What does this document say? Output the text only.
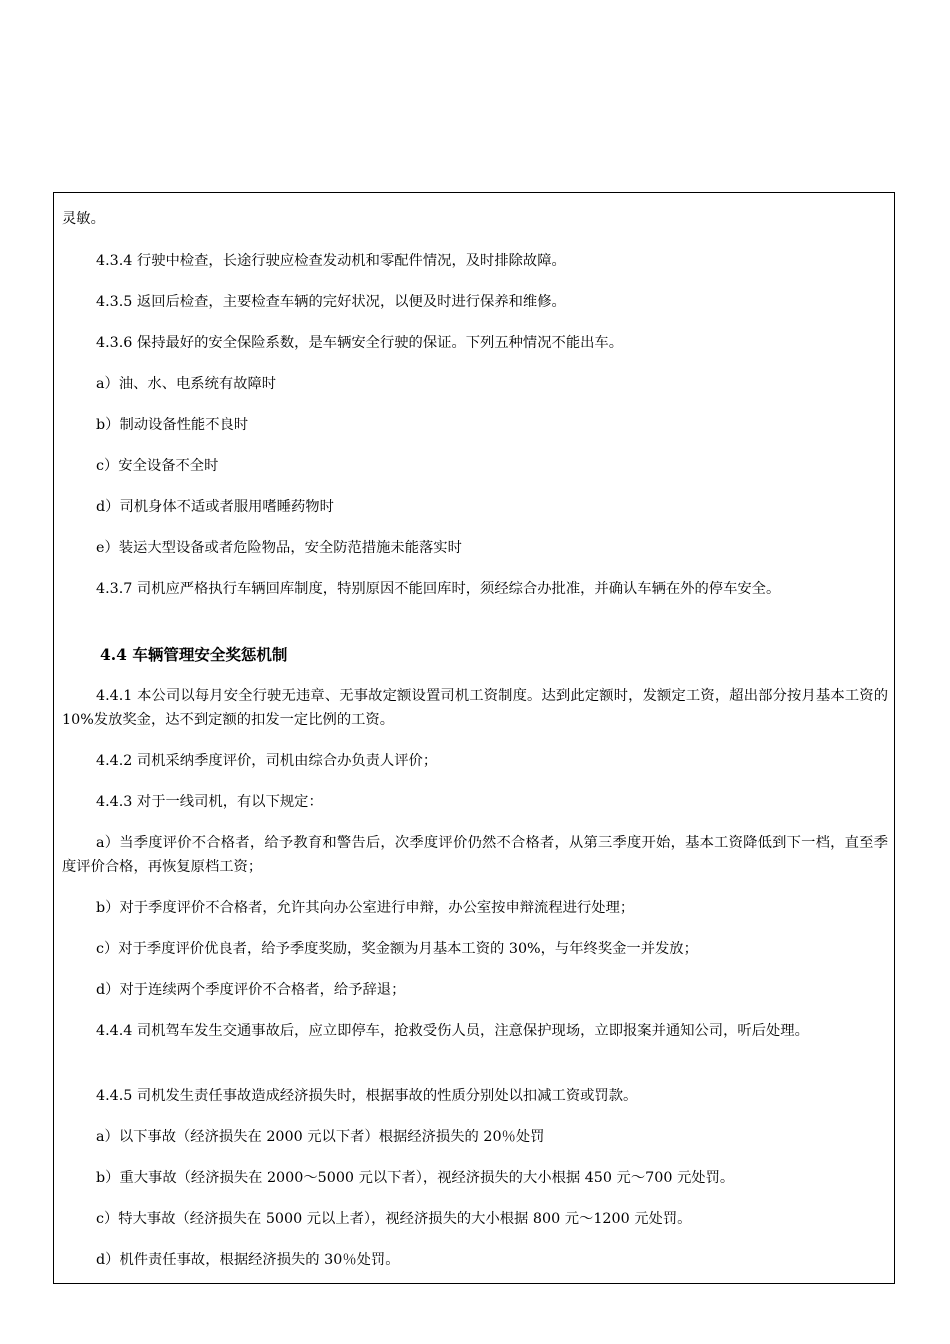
灵敏。
4.3.4 行驶中检查，长途行驶应检查发动机和零配件情况，及时排除故障。
4.3.5 返回后检查，主要检查车辆的完好状况，以便及时进行保养和维修。
4.3.6 保持最好的安全保险系数，是车辆安全行驶的保证。下列五种情况不能出车。
a）油、水、电系统有故障时
b）制动设备性能不良时
c）安全设备不全时
d）司机身体不适或者服用嗜睡药物时
e）装运大型设备或者危险物品，安全防范措施未能落实时
4.3.7 司机应严格执行车辆回库制度，特别原因不能回库时，须经综合办批准，并确认车辆在外的停车安全。
4.4 车辆管理安全奖惩机制
4.4.1 本公司以每月安全行驶无违章、无事故定额设置司机工资制度。达到此定额时，发额定工资，超出部分按月基本工资的 10%发放奖金，达不到定额的扣发一定比例的工资。
4.4.2 司机采纳季度评价，司机由综合办负责人评价；
4.4.3 对于一线司机，有以下规定：
a）当季度评价不合格者，给予教育和警告后，次季度评价仍然不合格者，从第三季度开始，基本工资降低到下一档，直至季度评价合格，再恢复原档工资；
b）对于季度评价不合格者，允许其向办公室进行申辩，办公室按申辩流程进行处理；
c）对于季度评价优良者，给予季度奖励，奖金额为月基本工资的 30%，与年终奖金一并发放；
d）对于连续两个季度评价不合格者，给予辞退；
4.4.4 司机驾车发生交通事故后，应立即停车，抢救受伤人员，注意保护现场，立即报案并通知公司，听后处理。
4.4.5 司机发生责任事故造成经济损失时，根据事故的性质分别处以扣减工资或罚款。
a）以下事故（经济损失在 2000 元以下者）根据经济损失的 20％处罚
b）重大事故（经济损失在 2000～5000 元以下者），视经济损失的大小根据 450 元～700 元处罚。
c）特大事故（经济损失在 5000 元以上者），视经济损失的大小根据 800 元～1200 元处罚。
d）机件责任事故，根据经济损失的 30％处罚。
